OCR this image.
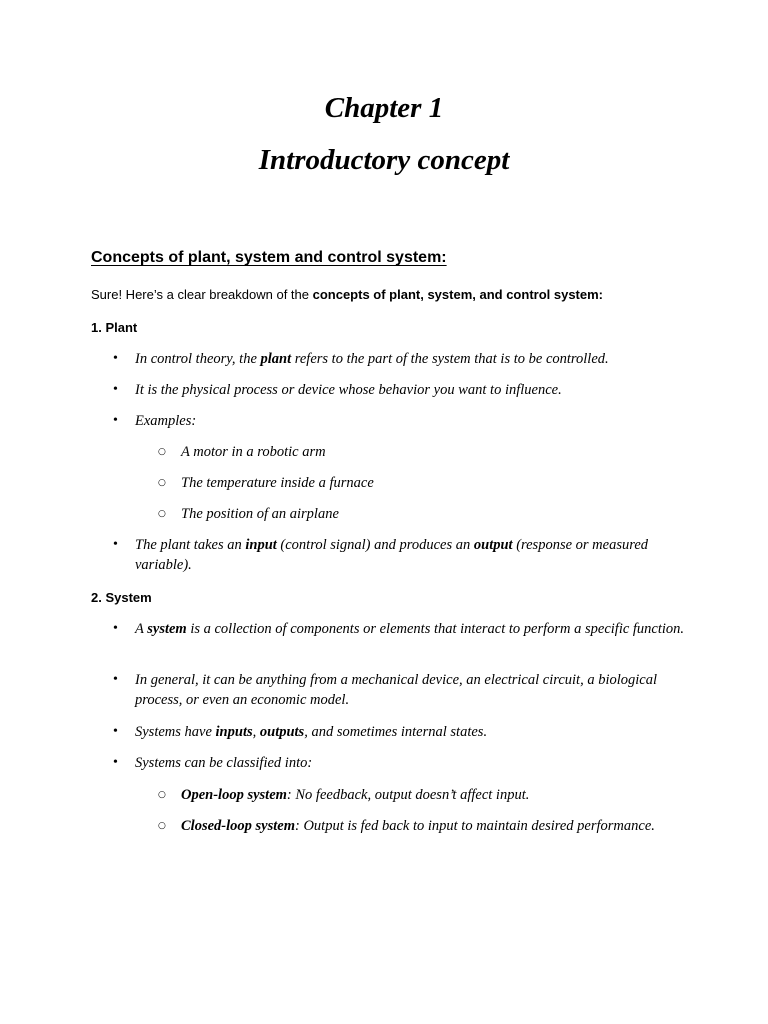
Chapter 1
Introductory concept
Concepts of plant, system and control system:
Sure! Here’s a clear breakdown of the concepts of plant, system, and control system:
1. Plant
• In control theory, the plant refers to the part of the system that is to be controlled.
• It is the physical process or device whose behavior you want to influence.
• Examples:
○ A motor in a robotic arm
○ The temperature inside a furnace
○ The position of an airplane
• The plant takes an input (control signal) and produces an output (response or measured variable).
2. System
• A system is a collection of components or elements that interact to perform a specific function.
• In general, it can be anything from a mechanical device, an electrical circuit, a biological process, or even an economic model.
• Systems have inputs, outputs, and sometimes internal states.
• Systems can be classified into:
○ Open-loop system: No feedback, output doesn’t affect input.
○ Closed-loop system: Output is fed back to input to maintain desired performance.
